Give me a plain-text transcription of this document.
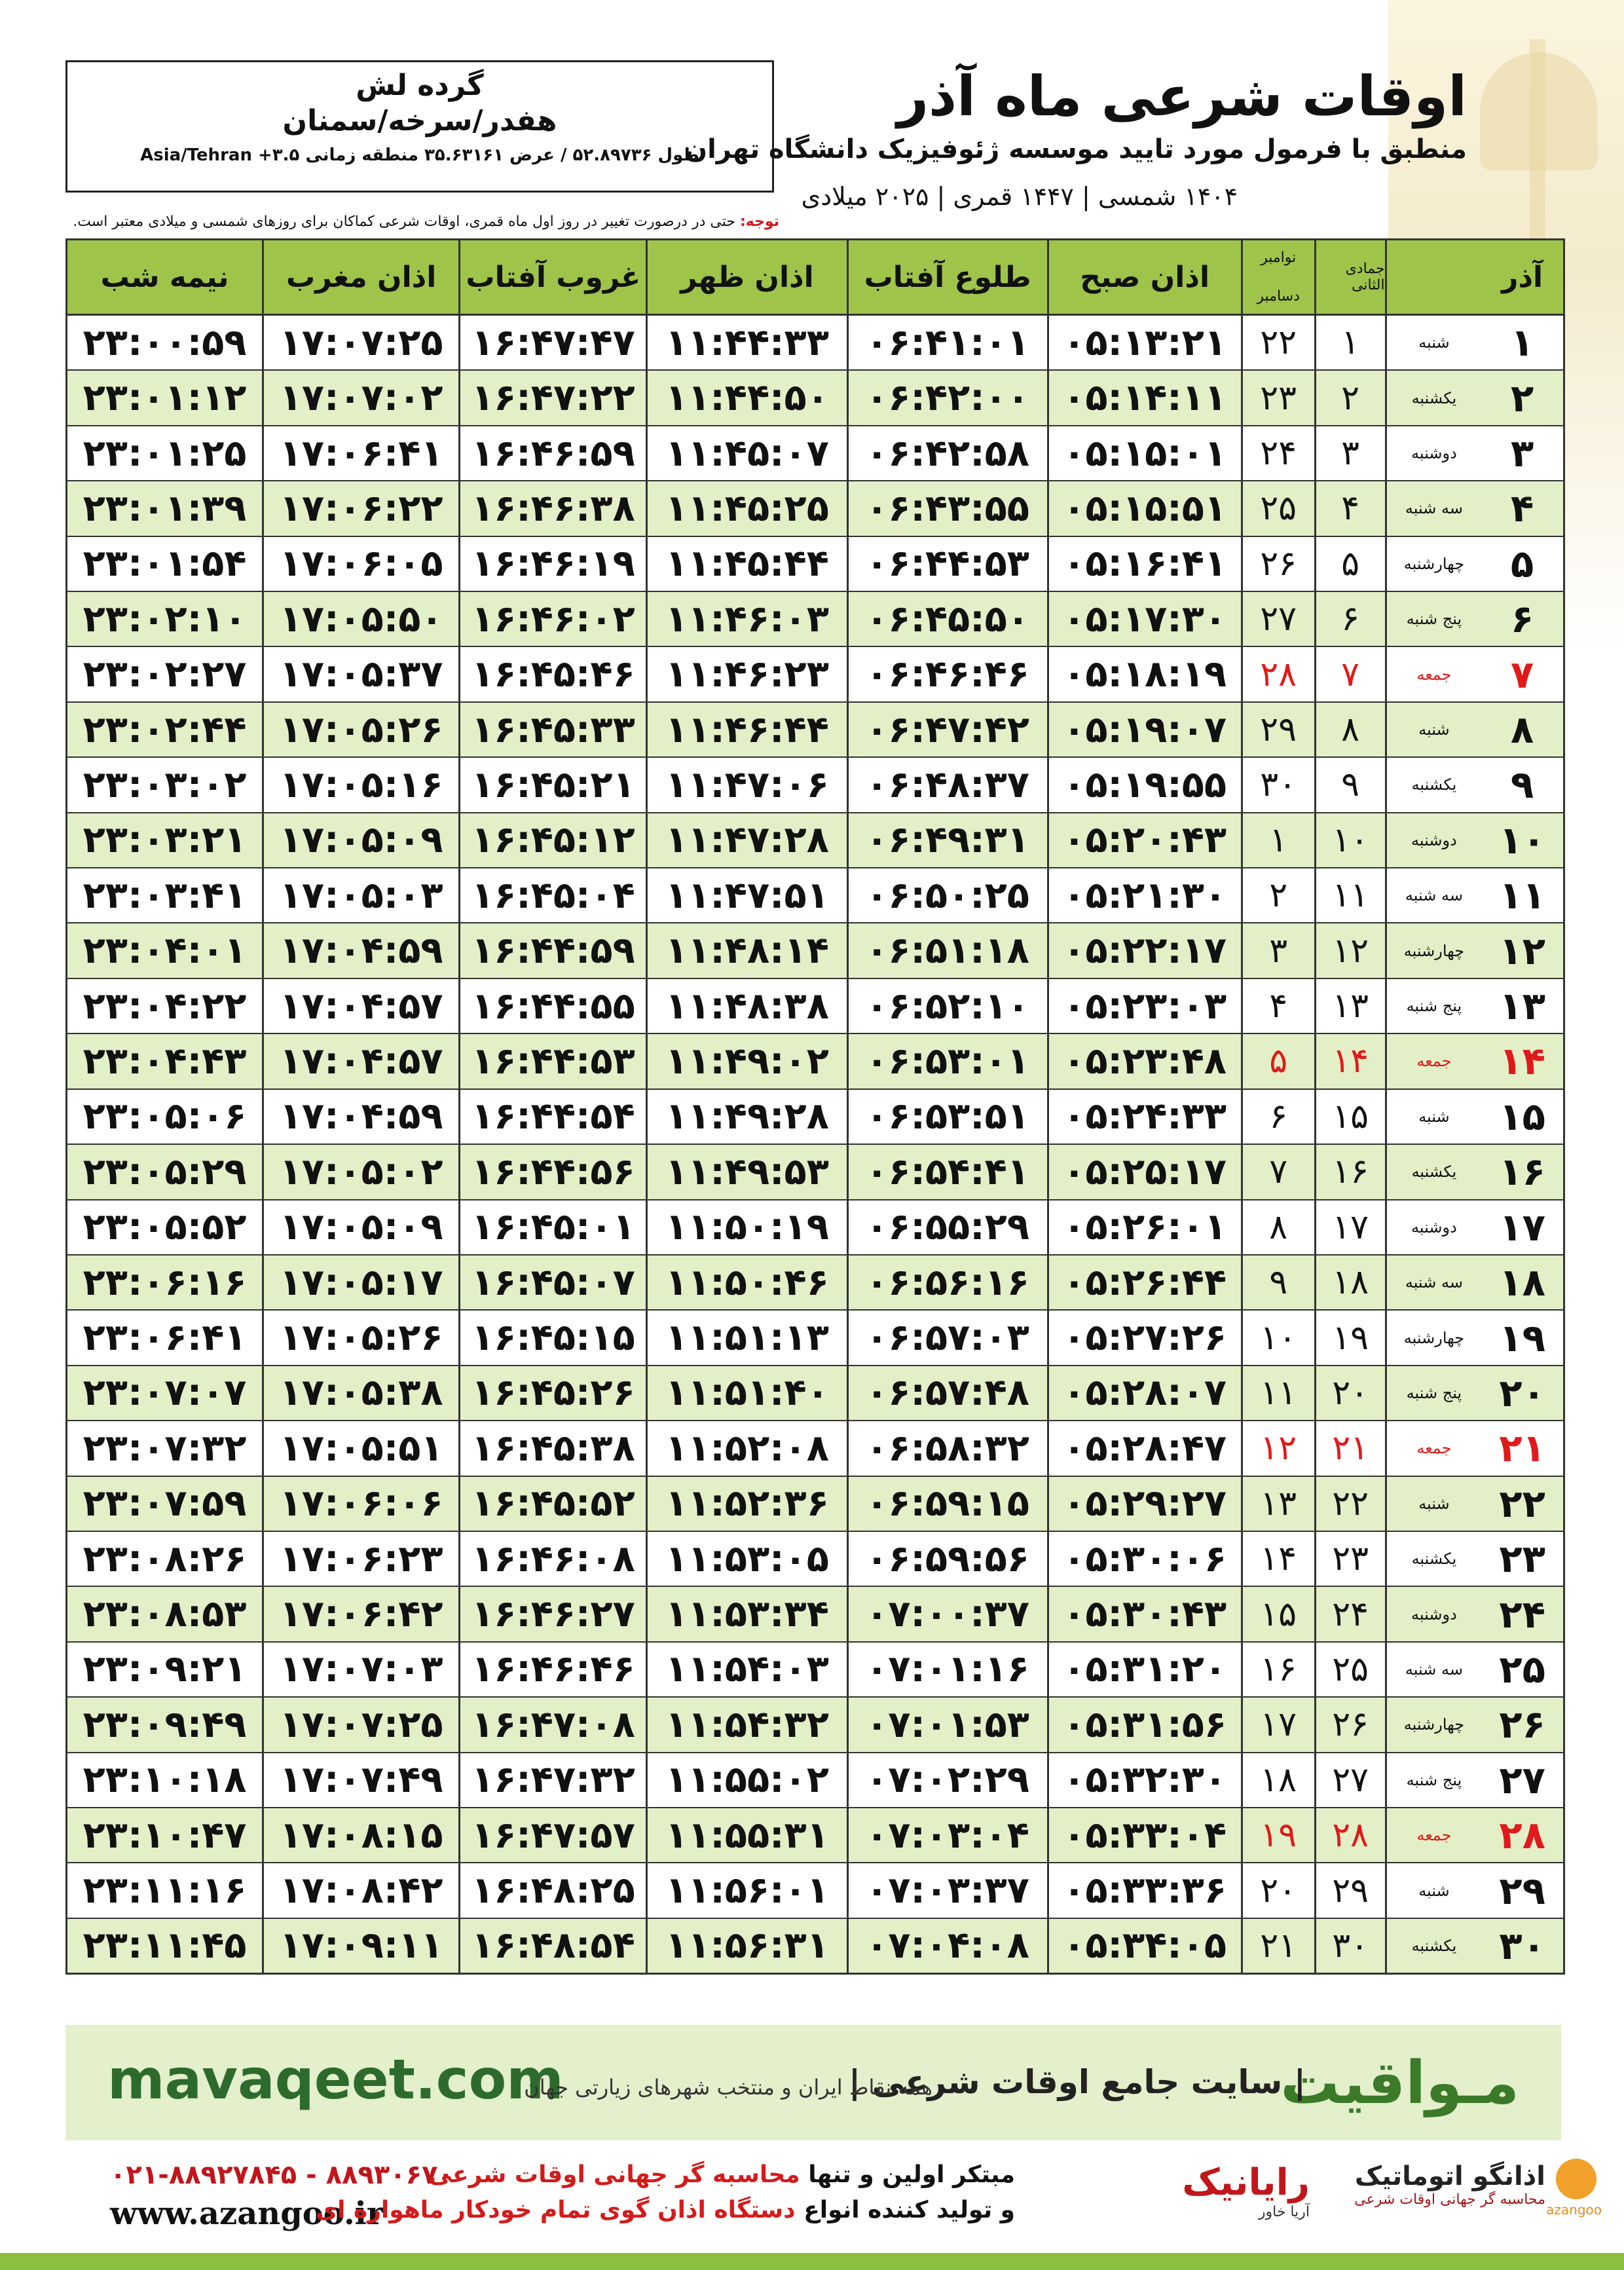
گرده لش
هفدر/سرخه/سمنان
طول ۵۲.۸۹۷۳۶ / عرض ۳۵.۶۳۱۶۱ منطقه زمانی ۳.۵+ Asia/Tehran
اوقات شرعی ماه آذر
منطبق با فرمول مورد تایید موسسه ژئوفیزیک دانشگاه تهران
۱۴۰۴ شمسی | ۱۴۴۷ قمری | ۲۰۲۵ میلادی
توجه: حتی در درصورت تغییر در روز اول ماه قمری، اوقات شرعی کماکان برای روزهای شمسی و میلادی معتبر است.
آذر
جمادی الثانی
نوامبر
دسامبر
اذان صبح
طلوع آفتاب
اذان ظهر
غروب آفتاب
اذان مغرب
نیمه شب
۱
شنبه
۱
۲۲
۰۵:۱۳:۲۱
۰۶:۴۱:۰۱
۱۱:۴۴:۳۳
۱۶:۴۷:۴۷
۱۷:۰۷:۲۵
۲۳:۰۰:۵۹
۲
یکشنبه
۲
۲۳
۰۵:۱۴:۱۱
۰۶:۴۲:۰۰
۱۱:۴۴:۵۰
۱۶:۴۷:۲۲
۱۷:۰۷:۰۲
۲۳:۰۱:۱۲
۳
دوشنبه
۳
۲۴
۰۵:۱۵:۰۱
۰۶:۴۲:۵۸
۱۱:۴۵:۰۷
۱۶:۴۶:۵۹
۱۷:۰۶:۴۱
۲۳:۰۱:۲۵
۴
سه شنبه
۴
۲۵
۰۵:۱۵:۵۱
۰۶:۴۳:۵۵
۱۱:۴۵:۲۵
۱۶:۴۶:۳۸
۱۷:۰۶:۲۲
۲۳:۰۱:۳۹
۵
چهارشنبه
۵
۲۶
۰۵:۱۶:۴۱
۰۶:۴۴:۵۳
۱۱:۴۵:۴۴
۱۶:۴۶:۱۹
۱۷:۰۶:۰۵
۲۳:۰۱:۵۴
۶
پنج شنبه
۶
۲۷
۰۵:۱۷:۳۰
۰۶:۴۵:۵۰
۱۱:۴۶:۰۳
۱۶:۴۶:۰۲
۱۷:۰۵:۵۰
۲۳:۰۲:۱۰
۷
جمعه
۷
۲۸
۰۵:۱۸:۱۹
۰۶:۴۶:۴۶
۱۱:۴۶:۲۳
۱۶:۴۵:۴۶
۱۷:۰۵:۳۷
۲۳:۰۲:۲۷
۸
شنبه
۸
۲۹
۰۵:۱۹:۰۷
۰۶:۴۷:۴۲
۱۱:۴۶:۴۴
۱۶:۴۵:۳۳
۱۷:۰۵:۲۶
۲۳:۰۲:۴۴
۹
یکشنبه
۹
۳۰
۰۵:۱۹:۵۵
۰۶:۴۸:۳۷
۱۱:۴۷:۰۶
۱۶:۴۵:۲۱
۱۷:۰۵:۱۶
۲۳:۰۳:۰۲
۱۰
دوشنبه
۱۰
۱
۰۵:۲۰:۴۳
۰۶:۴۹:۳۱
۱۱:۴۷:۲۸
۱۶:۴۵:۱۲
۱۷:۰۵:۰۹
۲۳:۰۳:۲۱
۱۱
سه شنبه
۱۱
۲
۰۵:۲۱:۳۰
۰۶:۵۰:۲۵
۱۱:۴۷:۵۱
۱۶:۴۵:۰۴
۱۷:۰۵:۰۳
۲۳:۰۳:۴۱
۱۲
چهارشنبه
۱۲
۳
۰۵:۲۲:۱۷
۰۶:۵۱:۱۸
۱۱:۴۸:۱۴
۱۶:۴۴:۵۹
۱۷:۰۴:۵۹
۲۳:۰۴:۰۱
۱۳
پنج شنبه
۱۳
۴
۰۵:۲۳:۰۳
۰۶:۵۲:۱۰
۱۱:۴۸:۳۸
۱۶:۴۴:۵۵
۱۷:۰۴:۵۷
۲۳:۰۴:۲۲
۱۴
جمعه
۱۴
۵
۰۵:۲۳:۴۸
۰۶:۵۳:۰۱
۱۱:۴۹:۰۲
۱۶:۴۴:۵۳
۱۷:۰۴:۵۷
۲۳:۰۴:۴۳
۱۵
شنبه
۱۵
۶
۰۵:۲۴:۳۳
۰۶:۵۳:۵۱
۱۱:۴۹:۲۸
۱۶:۴۴:۵۴
۱۷:۰۴:۵۹
۲۳:۰۵:۰۶
۱۶
یکشنبه
۱۶
۷
۰۵:۲۵:۱۷
۰۶:۵۴:۴۱
۱۱:۴۹:۵۳
۱۶:۴۴:۵۶
۱۷:۰۵:۰۲
۲۳:۰۵:۲۹
۱۷
دوشنبه
۱۷
۸
۰۵:۲۶:۰۱
۰۶:۵۵:۲۹
۱۱:۵۰:۱۹
۱۶:۴۵:۰۱
۱۷:۰۵:۰۹
۲۳:۰۵:۵۲
۱۸
سه شنبه
۱۸
۹
۰۵:۲۶:۴۴
۰۶:۵۶:۱۶
۱۱:۵۰:۴۶
۱۶:۴۵:۰۷
۱۷:۰۵:۱۷
۲۳:۰۶:۱۶
۱۹
چهارشنبه
۱۹
۱۰
۰۵:۲۷:۲۶
۰۶:۵۷:۰۳
۱۱:۵۱:۱۳
۱۶:۴۵:۱۵
۱۷:۰۵:۲۶
۲۳:۰۶:۴۱
۲۰
پنج شنبه
۲۰
۱۱
۰۵:۲۸:۰۷
۰۶:۵۷:۴۸
۱۱:۵۱:۴۰
۱۶:۴۵:۲۶
۱۷:۰۵:۳۸
۲۳:۰۷:۰۷
۲۱
جمعه
۲۱
۱۲
۰۵:۲۸:۴۷
۰۶:۵۸:۳۲
۱۱:۵۲:۰۸
۱۶:۴۵:۳۸
۱۷:۰۵:۵۱
۲۳:۰۷:۳۲
۲۲
شنبه
۲۲
۱۳
۰۵:۲۹:۲۷
۰۶:۵۹:۱۵
۱۱:۵۲:۳۶
۱۶:۴۵:۵۲
۱۷:۰۶:۰۶
۲۳:۰۷:۵۹
۲۳
یکشنبه
۲۳
۱۴
۰۵:۳۰:۰۶
۰۶:۵۹:۵۶
۱۱:۵۳:۰۵
۱۶:۴۶:۰۸
۱۷:۰۶:۲۳
۲۳:۰۸:۲۶
۲۴
دوشنبه
۲۴
۱۵
۰۵:۳۰:۴۳
۰۷:۰۰:۳۷
۱۱:۵۳:۳۴
۱۶:۴۶:۲۷
۱۷:۰۶:۴۲
۲۳:۰۸:۵۳
۲۵
سه شنبه
۲۵
۱۶
۰۵:۳۱:۲۰
۰۷:۰۱:۱۶
۱۱:۵۴:۰۳
۱۶:۴۶:۴۶
۱۷:۰۷:۰۳
۲۳:۰۹:۲۱
۲۶
چهارشنبه
۲۶
۱۷
۰۵:۳۱:۵۶
۰۷:۰۱:۵۳
۱۱:۵۴:۳۲
۱۶:۴۷:۰۸
۱۷:۰۷:۲۵
۲۳:۰۹:۴۹
۲۷
پنج شنبه
۲۷
۱۸
۰۵:۳۲:۳۰
۰۷:۰۲:۲۹
۱۱:۵۵:۰۲
۱۶:۴۷:۳۲
۱۷:۰۷:۴۹
۲۳:۱۰:۱۸
۲۸
جمعه
۲۸
۱۹
۰۵:۳۳:۰۴
۰۷:۰۳:۰۴
۱۱:۵۵:۳۱
۱۶:۴۷:۵۷
۱۷:۰۸:۱۵
۲۳:۱۰:۴۷
۲۹
شنبه
۲۹
۲۰
۰۵:۳۳:۳۶
۰۷:۰۳:۳۷
۱۱:۵۶:۰۱
۱۶:۴۸:۲۵
۱۷:۰۸:۴۲
۲۳:۱۱:۱۶
۳۰
یکشنبه
۳۰
۲۱
۰۵:۳۴:۰۵
۰۷:۰۴:۰۸
۱۱:۵۶:۳۱
۱۶:۴۸:۵۴
۱۷:۰۹:۱۱
۲۳:۱۱:۴۵
mavaqeet.com	مـواقیت
| سایت جامع اوقات شرعی |
همه نقاط ایران و منتخب شهرهای زیارتی جهان
۰۲۱-۸۸۹۲۷۸۴۵ - ۸۸۹۳۰۶۷۰
www.azangoo.ir
مبتکر اولین و تنها محاسبه گر جهانی اوقات شرعی
و تولید کننده انواع دستگاه اذان گوی تمام خودکار ماهواره ای
رایانیک
آریا خاور
اذانگو اتوماتیک
محاسبه گر جهانی اوقات شرعی
azangoo
